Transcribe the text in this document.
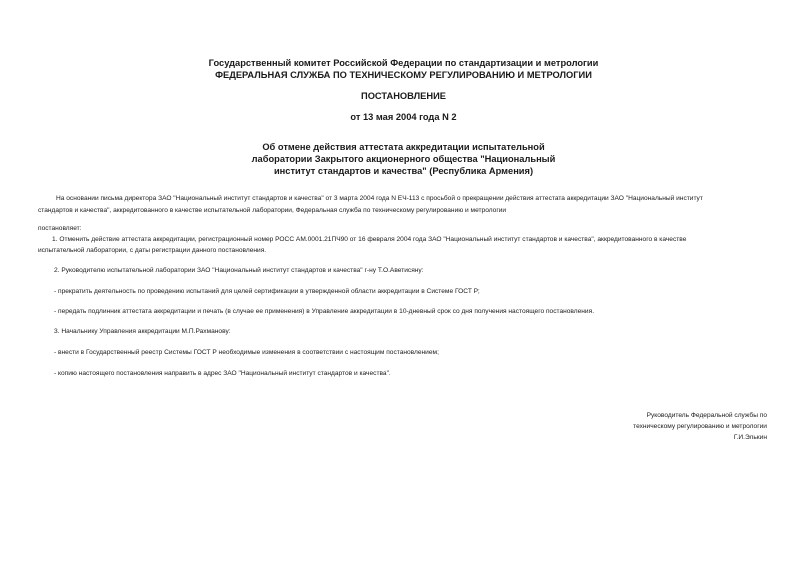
Государственный комитет Российской Федерации по стандартизации и метрологии
ФЕДЕРАЛЬНАЯ СЛУЖБА ПО ТЕХНИЧЕСКОМУ РЕГУЛИРОВАНИЮ И МЕТРОЛОГИИ
ПОСТАНОВЛЕНИЕ
от 13 мая 2004 года N 2
Об отмене действия аттестата аккредитации испытательной
лаборатории Закрытого акционерного общества "Национальный
институт стандартов и качества" (Республика Армения)
На основании письма директора ЗАО "Национальный институт стандартов и качества" от 3 марта 2004 года N ЕЧ-113 с просьбой о прекращении действия аттестата аккредитации ЗАО "Национальный институт
стандартов и качества", аккредитованного в качестве испытательной лаборатории, Федеральная служба по техническому регулированию и метрологии
постановляет:
1. Отменить действие аттестата аккредитации, регистрационный номер РОСС AM.0001.21ПЧ90 от 16 февраля 2004 года ЗАО "Национальный институт стандартов и качества", аккредитованного в качестве
испытательной лаборатории, с даты регистрации данного постановления.
2. Руководителю испытательной лаборатории ЗАО "Национальный институт стандартов и качества" г-ну Т.О.Аветисяну:
- прекратить деятельность по проведению испытаний для целей сертификации в утвержденной области аккредитации в Системе ГОСТ Р;
- передать подлинник аттестата аккредитации и печать (в случае ее применения) в Управление аккредитации в 10-дневный срок со дня получения настоящего постановления.
3. Начальнику Управления аккредитации М.П.Рахманову:
- внести в Государственный реестр Системы ГОСТ Р необходимые изменения в соответствии с настоящим постановлением;
- копию настоящего постановления направить в адрес ЗАО "Национальный институт стандартов и качества".
Руководитель Федеральной службы по
техническому регулированию и метрологии
Г.И.Элькин
